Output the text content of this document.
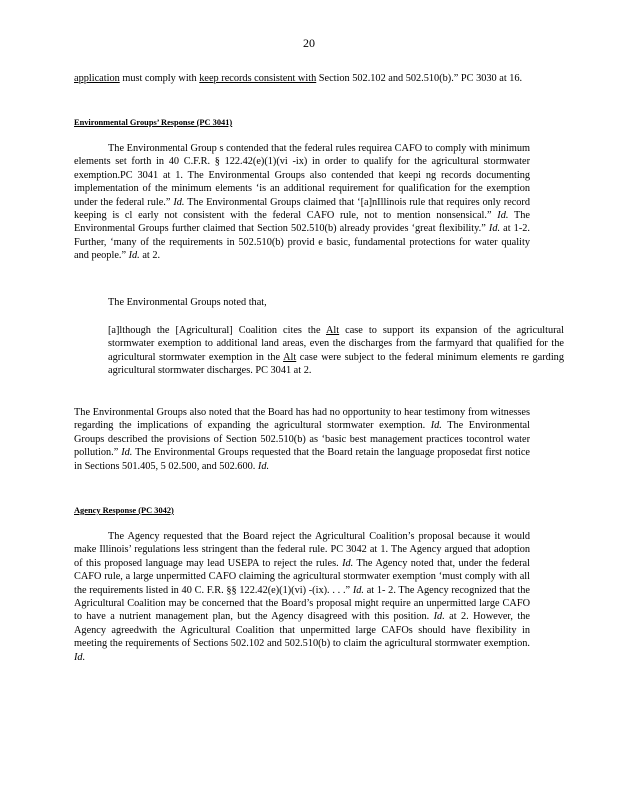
20

application must comply with keep records consistent with Section 502.102 and 502.510(b).” PC 3030 at 16.

Environmental Groups’ Response (PC 3041)

The Environmental Group s contended that the federal rules requirea CAFO to comply with minimum elements set forth in 40 C.F.R. § 122.42(e)(1)(vi -ix) in order to qualify for the agricultural stormwater exemption.PC 3041 at 1. The Environmental Groups also contended that keepi ng records documenting implementation of the minimum elements ‘is an additional requirement for qualification for the exemption under the federal rule.” Id. The Environmental Groups claimed that ‘[a]nIllinois rule that requires only record keeping is cl early not consistent with the federal CAFO rule, not to mention nonsensical.” Id. The Environmental Groups further claimed that Section 502.510(b) already provides ‘great flexibility.” Id. at 1-2. Further, ‘many of the requirements in 502.510(b) provid e basic, fundamental protections for water quality and people.” Id. at 2.

The Environmental Groups noted that,

[a]lthough the [Agricultural] Coalition cites the Alt case to support its expansion of the agricultural stormwater exemption to additional land areas, even the discharges from the farmyard that qualified for the agricultural stormwater exemption in the Alt case were subject to the federal minimum elements re garding agricultural stormwater discharges. PC 3041 at 2.

The Environmental Groups also noted that the Board has had no opportunity to hear testimony from witnesses regarding the implications of expanding the agricultural stormwater exemption. Id. The Environmental Groups described the provisions of Section 502.510(b) as ‘basic best management practices tocontrol water pollution.” Id. The Environmental Groups requested that the Board retain the language proposedat first notice in Sections 501.405, 5 02.500, and 502.600. Id.

Agency Response (PC 3042)

The Agency requested that the Board reject the Agricultural Coalition’s proposal because it would make Illinois’ regulations less stringent than the federal rule. PC 3042 at 1. The Agency argued that adoption of this proposed language may lead USEPA to reject the rules. Id. The Agency noted that, under the federal CAFO rule, a large unpermitted CAFO claiming the agricultural stormwater exemption ‘must comply with all the requirements listed in 40 C. F.R. §§ 122.42(e)(1)(vi) -(ix). . . .” Id. at 1- 2. The Agency recognized that the Agricultural Coalition may be concerned that the Board’s proposal might require an unpermitted large CAFO to have a nutrient management plan, but the Agency disagreed with this position. Id. at 2. However, the Agency agreedwith the Agricultural Coalition that unpermitted large CAFOs should have flexibility in meeting the requirements of Sections 502.102 and 502.510(b) to claim the agricultural stormwater exemption. Id.
